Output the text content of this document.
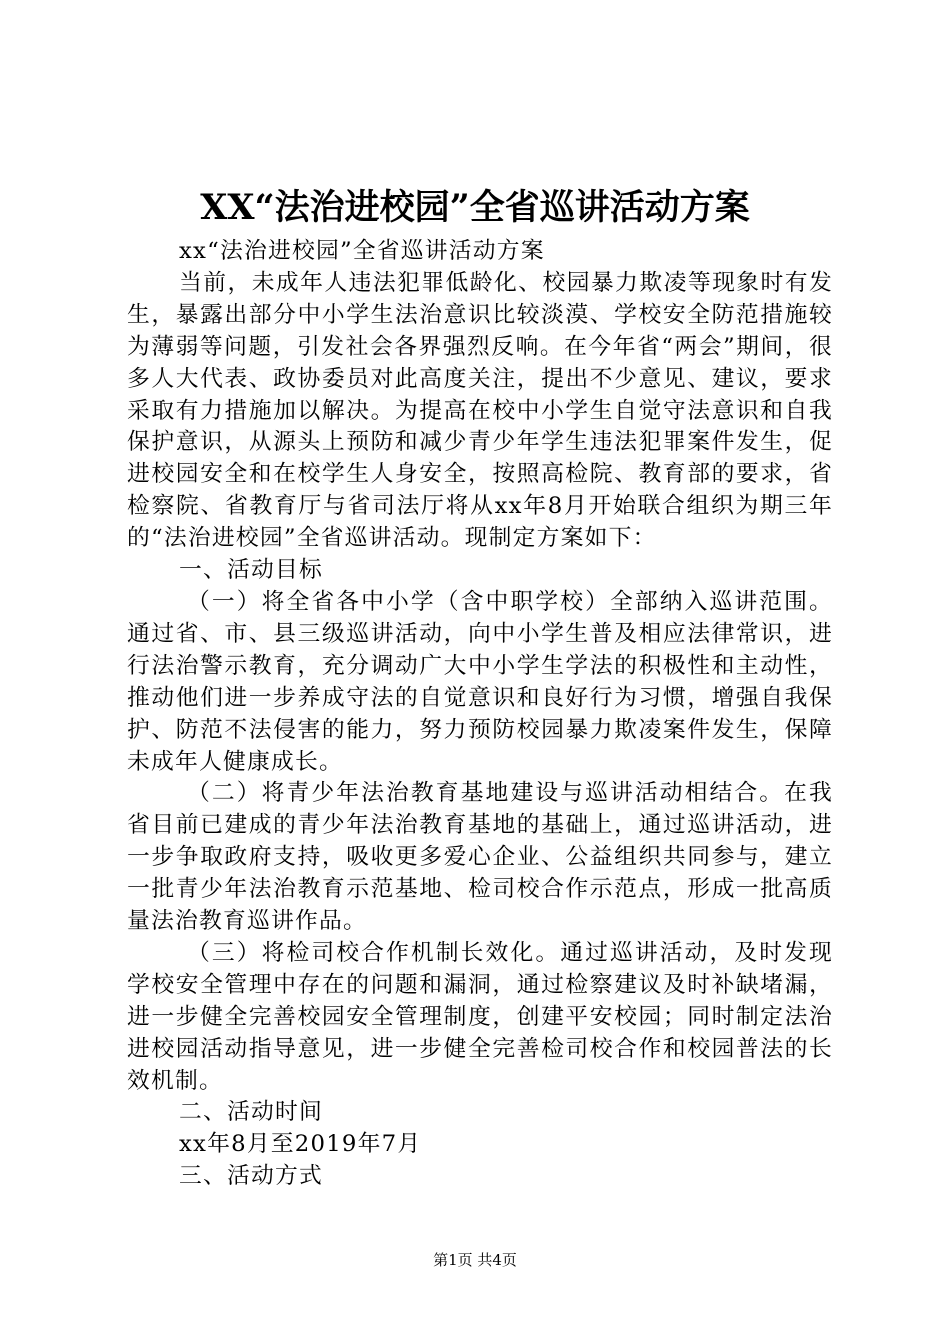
XX“法治进校园”全省巡讲活动方案

xx“法治进校园”全省巡讲活动方案

当前，未成年人违法犯罪低龄化、校园暴力欺凌等现象时有发生，暴露出部分中小学生法治意识比较淡漠、学校安全防范措施较为薄弱等问题，引发社会各界强烈反响。在今年省“两会”期间，很多人大代表、政协委员对此高度关注，提出不少意见、建议，要求采取有力措施加以解决。为提高在校中小学生自觉守法意识和自我保护意识，从源头上预防和减少青少年学生违法犯罪案件发生，促进校园安全和在校学生人身安全，按照高检院、教育部的要求，省检察院、省教育厅与省司法厅将从xx年8月开始联合组织为期三年的“法治进校园”全省巡讲活动。现制定方案如下：

一、活动目标

（一）将全省各中小学（含中职学校）全部纳入巡讲范围。通过省、市、县三级巡讲活动，向中小学生普及相应法律常识，进行法治警示教育，充分调动广大中小学生学法的积极性和主动性，推动他们进一步养成守法的自觉意识和良好行为习惯，增强自我保护、防范不法侵害的能力，努力预防校园暴力欺凌案件发生，保障未成年人健康成长。

（二）将青少年法治教育基地建设与巡讲活动相结合。在我省目前已建成的青少年法治教育基地的基础上，通过巡讲活动，进一步争取政府支持，吸收更多爱心企业、公益组织共同参与，建立一批青少年法治教育示范基地、检司校合作示范点，形成一批高质量法治教育巡讲作品。

（三）将检司校合作机制长效化。通过巡讲活动，及时发现学校安全管理中存在的问题和漏洞，通过检察建议及时补缺堵漏，进一步健全完善校园安全管理制度，创建平安校园；同时制定法治进校园活动指导意见，进一步健全完善检司校合作和校园普法的长效机制。

二、活动时间

xx年8月至2019年7月

三、活动方式

第1页 共4页
